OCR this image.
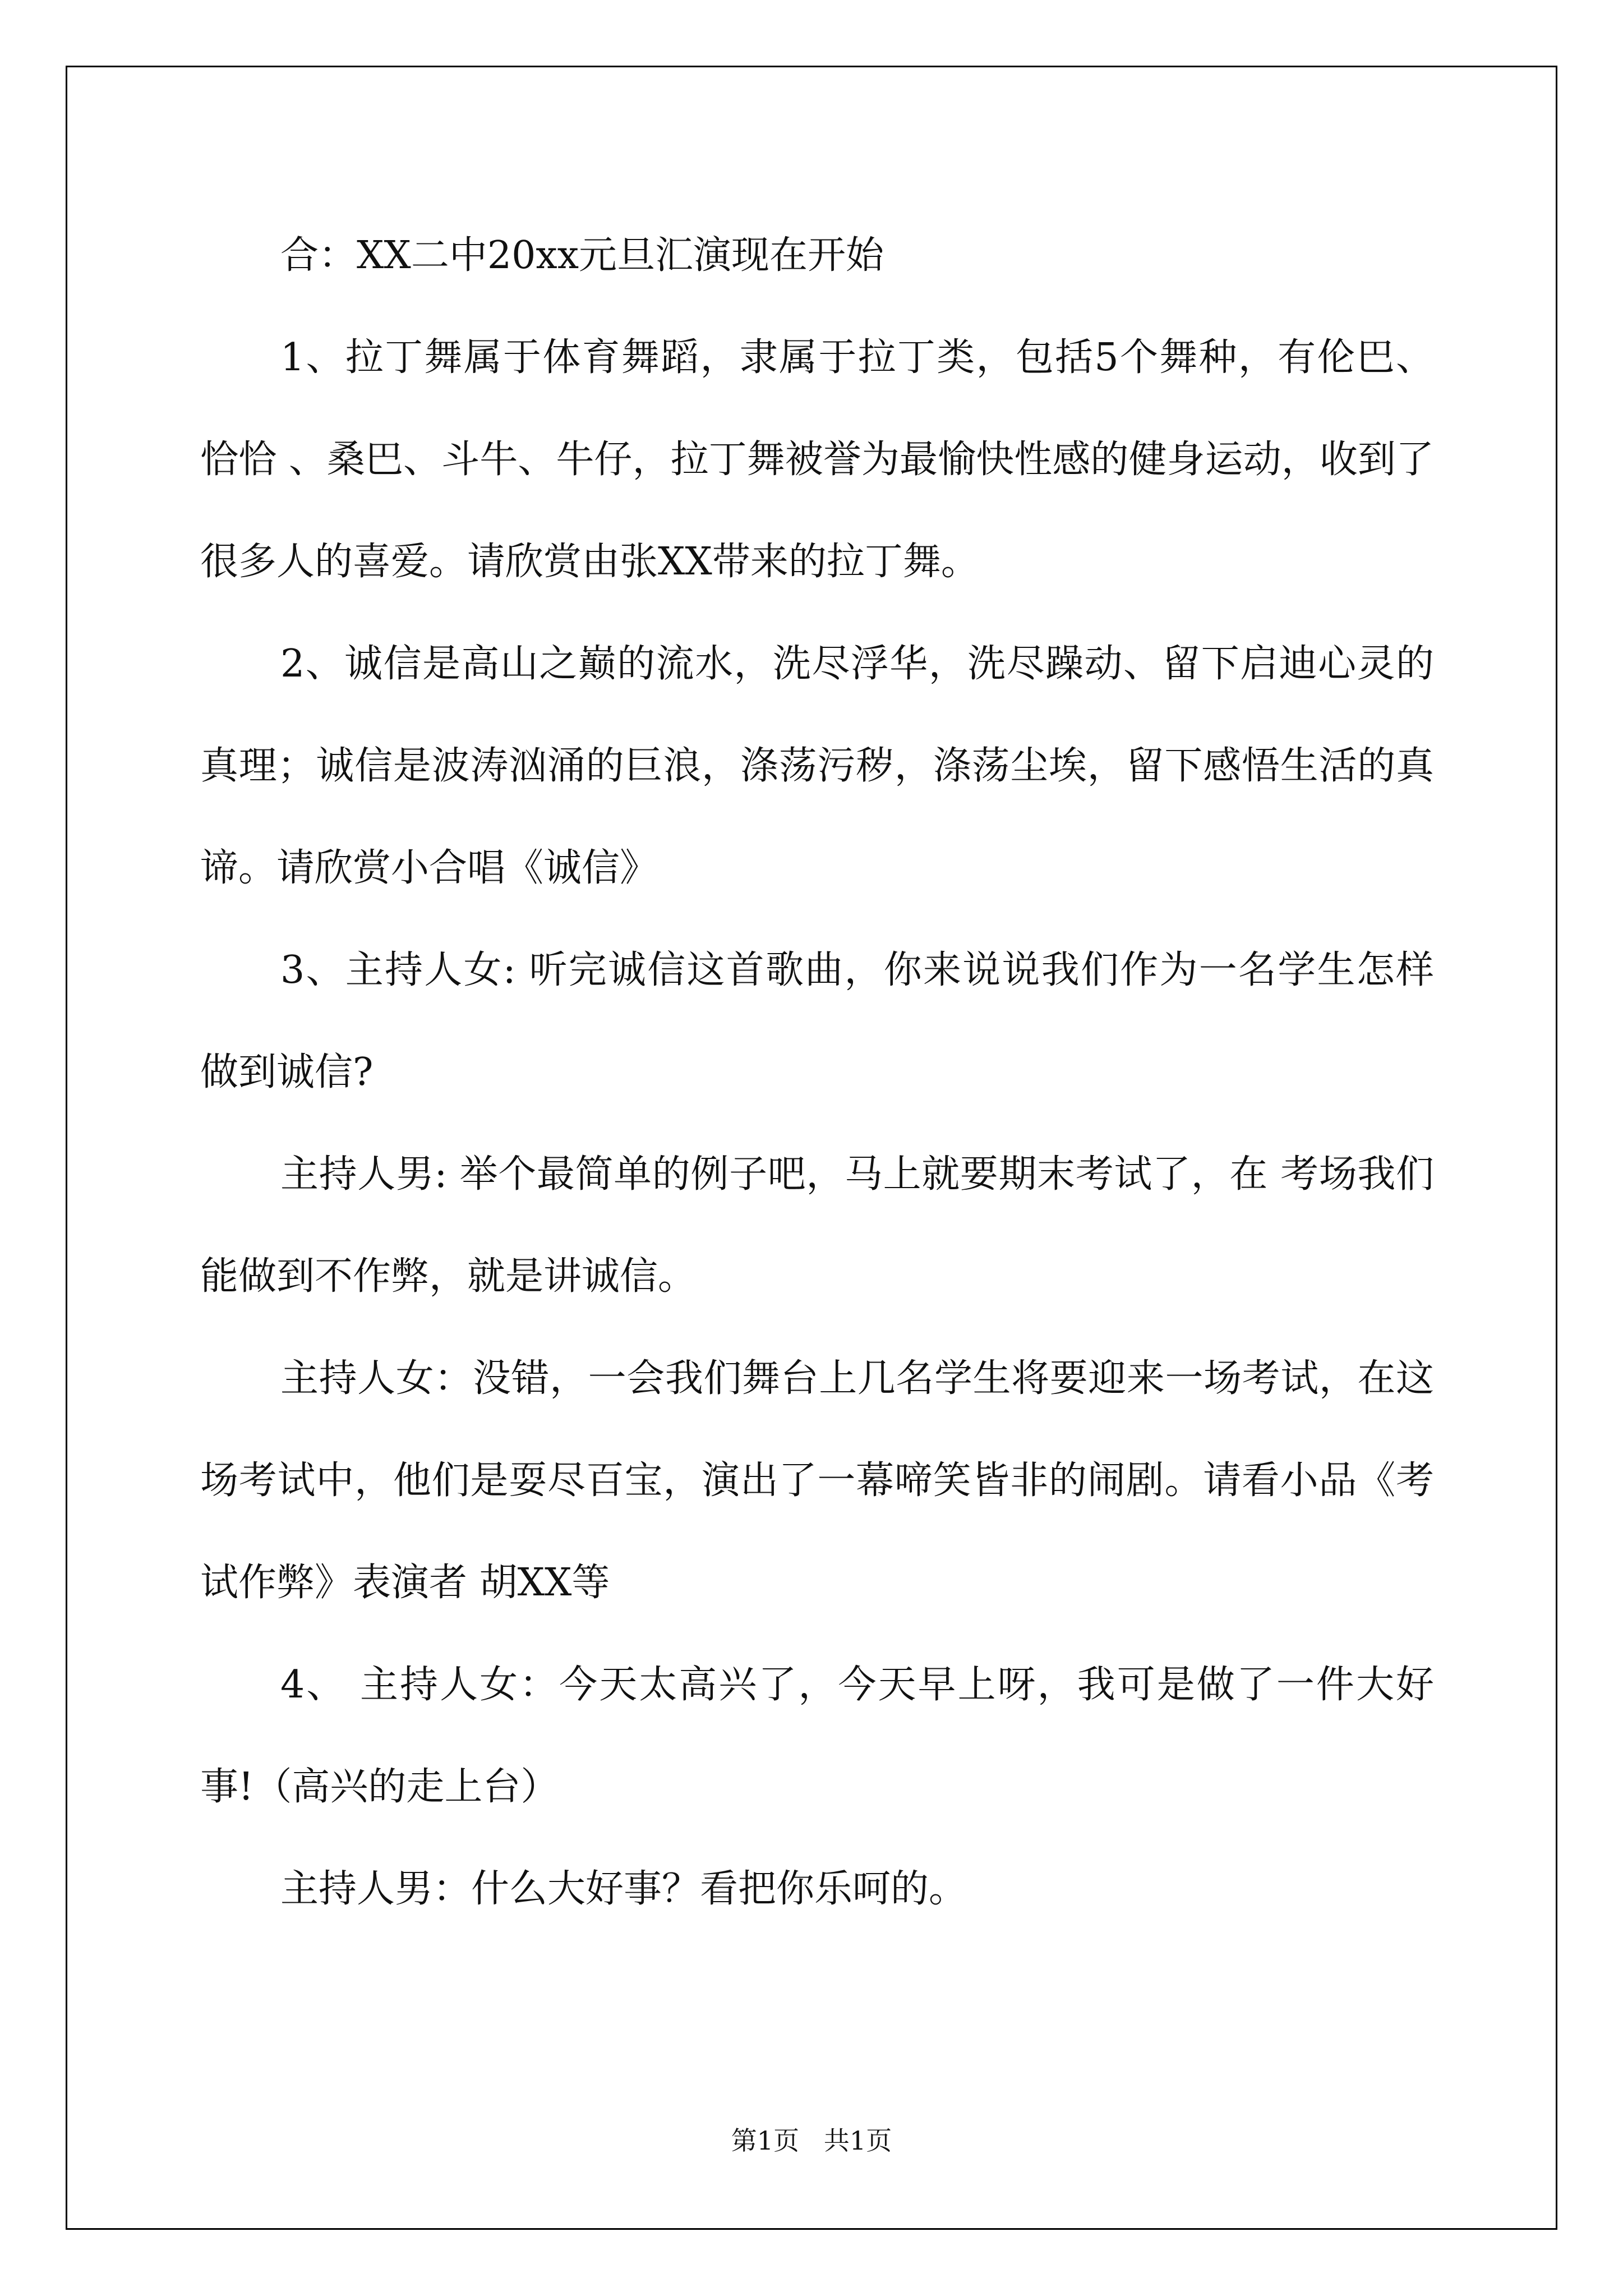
合：XX二中20xx元旦汇演现在开始

1、拉丁舞属于体育舞蹈，隶属于拉丁类，包括5个舞种，有伦巴、恰恰 、桑巴、斗牛、牛仔，拉丁舞被誉为最愉快性感的健身运动，收到了很多人的喜爱。请欣赏由张XX带来的拉丁舞。

2、诚信是高山之巅的流水，洗尽浮华，洗尽躁动、留下启迪心灵的真理；诚信是波涛汹涌的巨浪，涤荡污秽，涤荡尘埃，留下感悟生活的真谛。请欣赏小合唱《诚信》

3、主持人女: 听完诚信这首歌曲，你来说说我们作为一名学生怎样做到诚信?

主持人男: 举个最简单的例子吧，马上就要期末考试了，在 考场我们能做到不作弊，就是讲诚信。

主持人女：没错，一会我们舞台上几名学生将要迎来一场考试，在这场考试中，他们是耍尽百宝，演出了一幕啼笑皆非的闹剧。请看小品《考试作弊》表演者 胡XX等

4、 主持人女：今天太高兴了，今天早上呀，我可是做了一件大好事!（高兴的走上台）

主持人男：什么大好事？看把你乐呵的。

第1页   共1页
